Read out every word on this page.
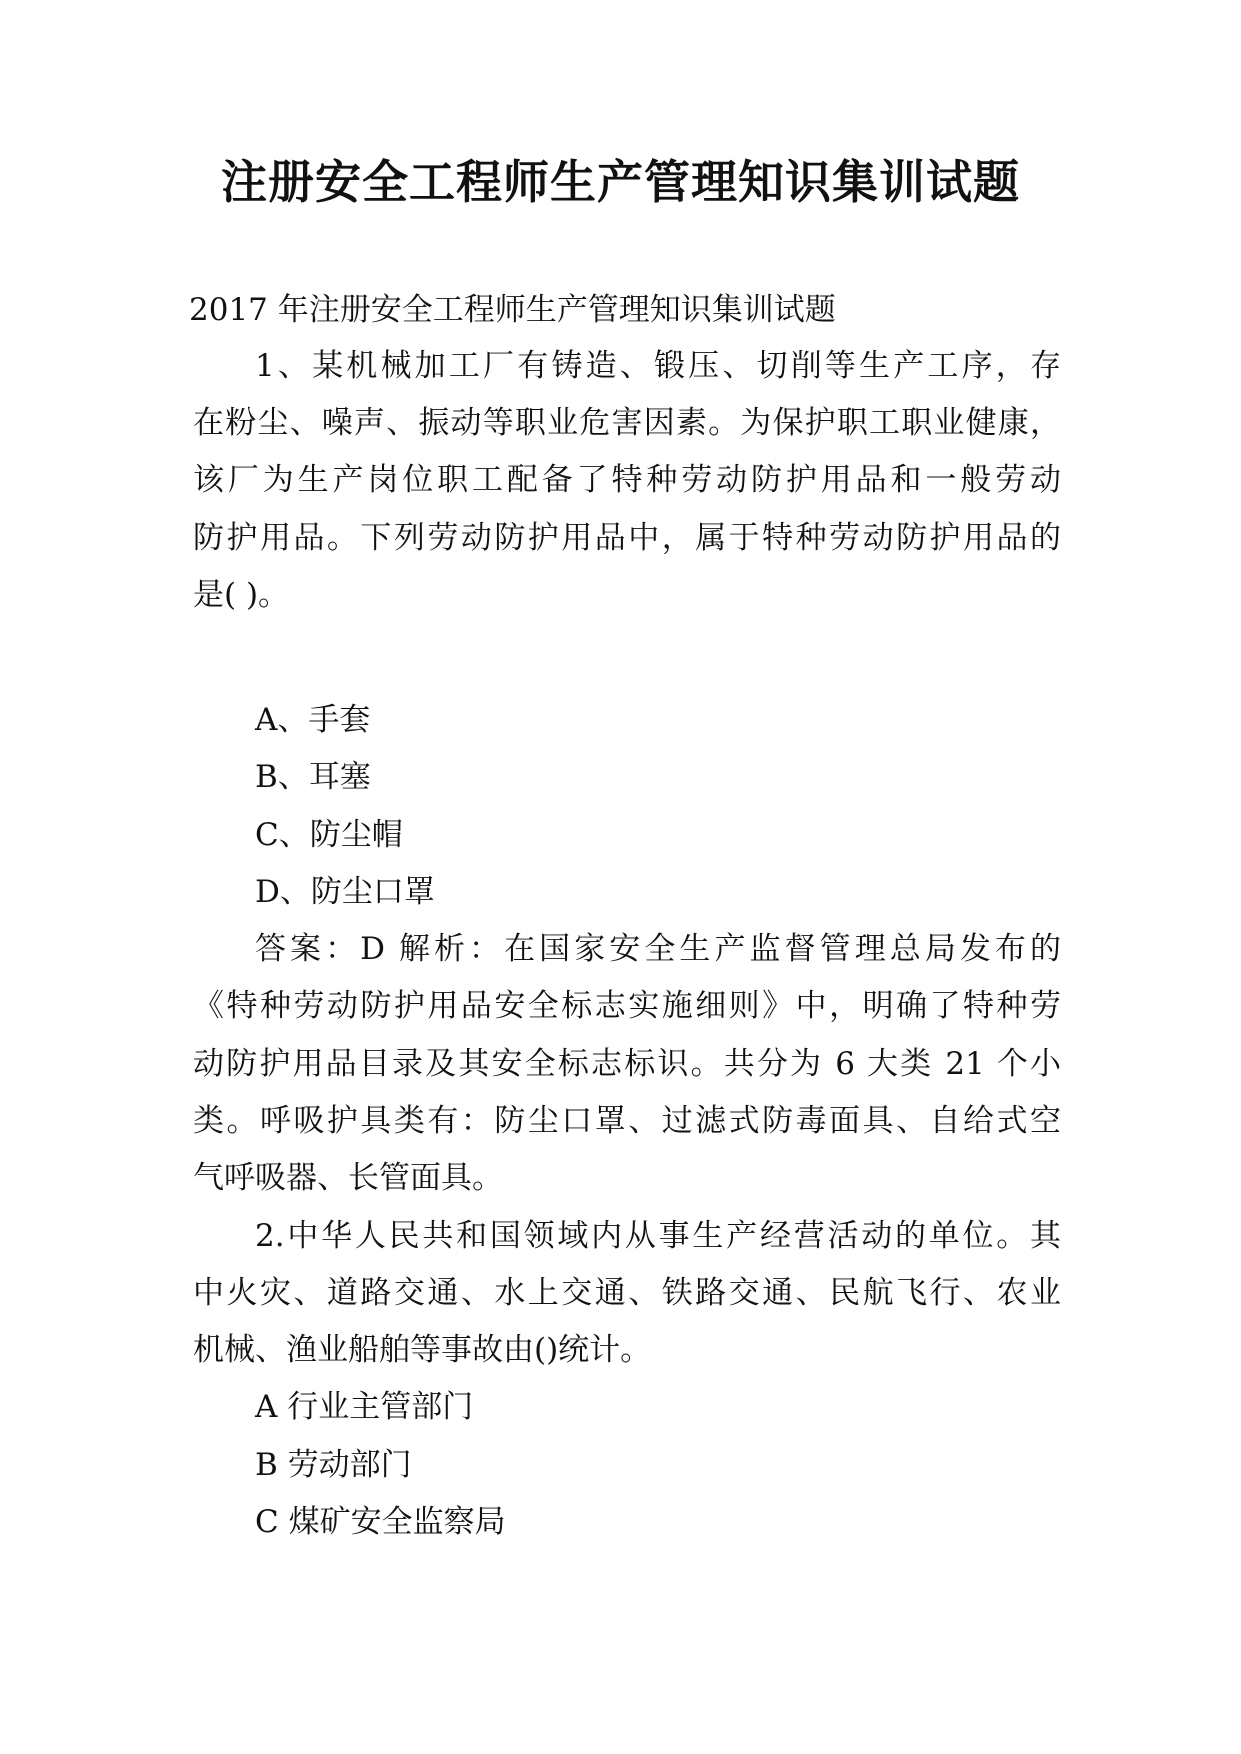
注册安全工程师生产管理知识集训试题

2017 年注册安全工程师生产管理知识集训试题

1、某机械加工厂有铸造、锻压、切削等生产工序，存

在粉尘、噪声、振动等职业危害因素。为保护职工职业健康，

该厂为生产岗位职工配备了特种劳动防护用品和一般劳动

防护用品。下列劳动防护用品中，属于特种劳动防护用品的

是( )。

A、手套

B、耳塞

C、防尘帽

D、防尘口罩

答案：D 解析：在国家安全生产监督管理总局发布的

《特种劳动防护用品安全标志实施细则》中，明确了特种劳

动防护用品目录及其安全标志标识。共分为 6 大类 21 个小

类。呼吸护具类有：防尘口罩、过滤式防毒面具、自给式空

气呼吸器、长管面具。

2.中华人民共和国领域内从事生产经营活动的单位。其

中火灾、道路交通、水上交通、铁路交通、民航飞行、农业

机械、渔业船舶等事故由()统计。

A 行业主管部门

B 劳动部门

C 煤矿安全监察局
